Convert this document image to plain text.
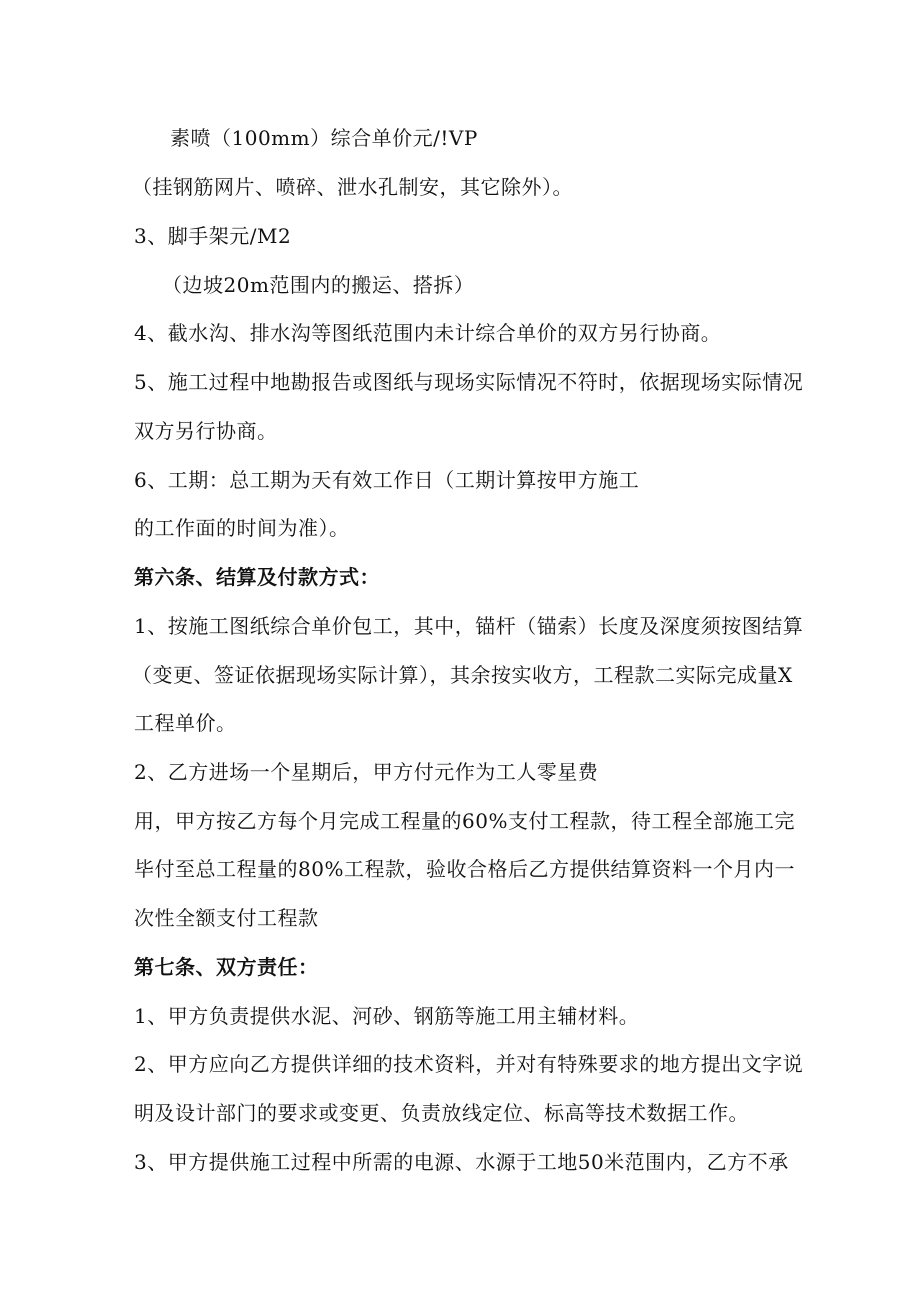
素喷（100mm）综合单价元/!VP
（挂钢筋网片、喷碎、泄水孔制安，其它除外）。
3、脚手架元/M2
（边坡20m范围内的搬运、搭拆）
4、截水沟、排水沟等图纸范围内未计综合单价的双方另行协商。
5、施工过程中地勘报告或图纸与现场实际情况不符时，依据现场实际情况
双方另行协商。
6、工期：总工期为天有效工作日（工期计算按甲方施工
的工作面的时间为准）。
第六条、结算及付款方式：
1、按施工图纸综合单价包工，其中，锚杆（锚索）长度及深度须按图结算
（变更、签证依据现场实际计算），其余按实收方，工程款二实际完成量X
工程单价。
2、乙方进场一个星期后，甲方付元作为工人零星费
用，甲方按乙方每个月完成工程量的60%支付工程款，待工程全部施工完
毕付至总工程量的80%工程款，验收合格后乙方提供结算资料一个月内一
次性全额支付工程款
第七条、双方责任：
1、甲方负责提供水泥、河砂、钢筋等施工用主辅材料。
2、甲方应向乙方提供详细的技术资料，并对有特殊要求的地方提出文字说
明及设计部门的要求或变更、负责放线定位、标高等技术数据工作。
3、甲方提供施工过程中所需的电源、水源于工地50米范围内，乙方不承
